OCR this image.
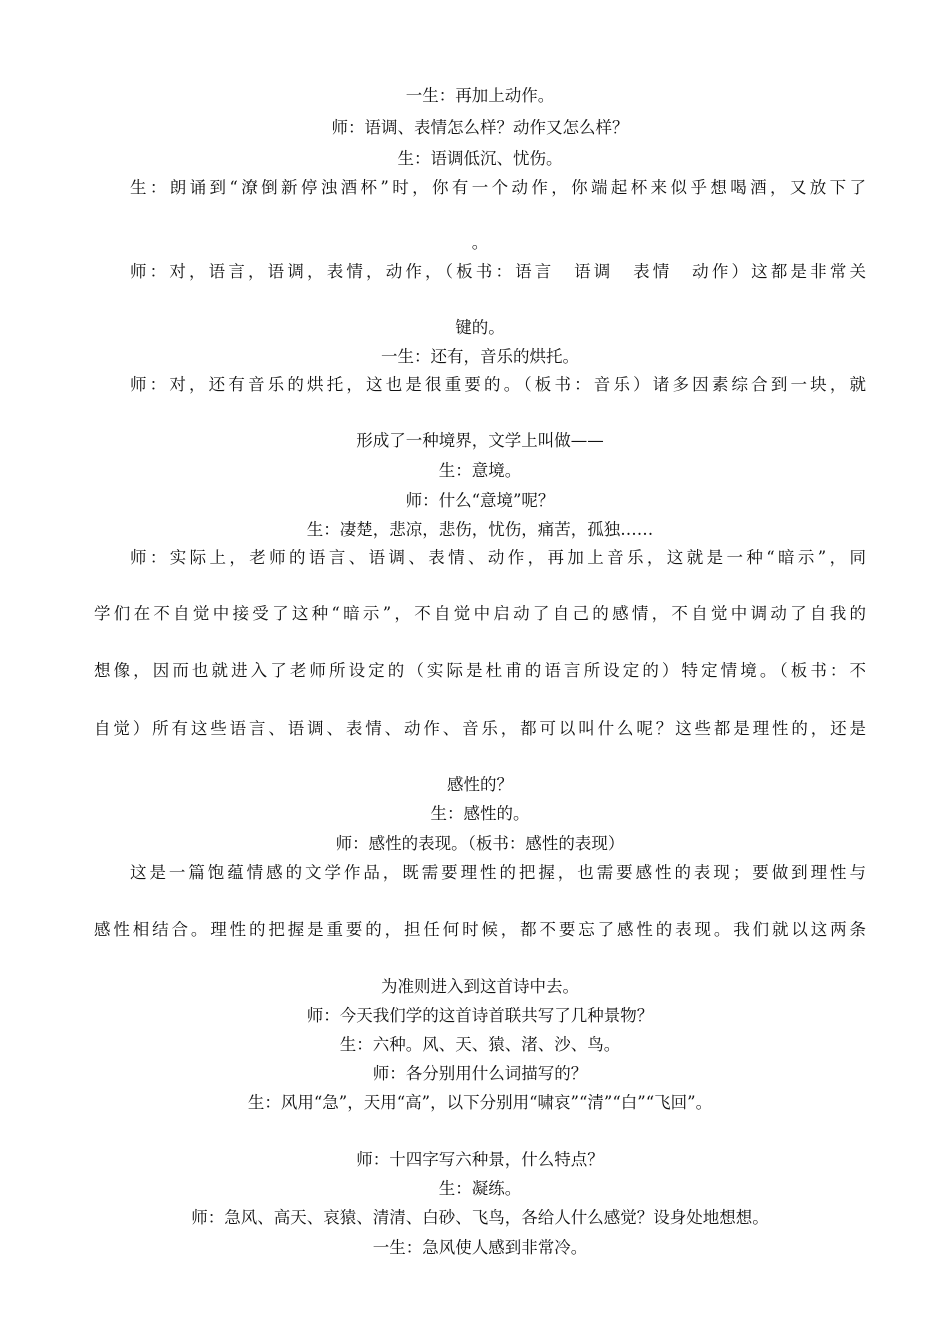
一生：再加上动作。
师：语调、表情怎么样？动作又怎么样？
生：语调低沉、忧伤。
生：朗诵到“潦倒新停浊酒杯”时，你有一个动作，你端起杯来似乎想喝酒，又放下了
。
师：对，语言，语调，表情，动作，（板书：语言　语调　表情　动作）这都是非常关
键的。
一生：还有，音乐的烘托。
师：对，还有音乐的烘托，这也是很重要的。（板书：音乐）诸多因素综合到一块，就
形成了一种境界，文学上叫做——
生：意境。
师：什么“意境”呢？
生：凄楚，悲凉，悲伤，忧伤，痛苦，孤独……
师：实际上，老师的语言、语调、表情、动作，再加上音乐，这就是一种“暗示”，同
学们在不自觉中接受了这种“暗示”，不自觉中启动了自己的感情，不自觉中调动了自我的
想像，因而也就进入了老师所设定的（实际是杜甫的语言所设定的）特定情境。（板书：不
自觉）所有这些语言、语调、表情、动作、音乐，都可以叫什么呢？这些都是理性的，还是
感性的？
生：感性的。
师：感性的表现。（板书：感性的表现）
这是一篇饱蕴情感的文学作品，既需要理性的把握，也需要感性的表现；要做到理性与
感性相结合。理性的把握是重要的，担任何时候，都不要忘了感性的表现。我们就以这两条
为准则进入到这首诗中去。
师：今天我们学的这首诗首联共写了几种景物？
生：六种。风、天、猿、渚、沙、鸟。
师：各分别用什么词描写的？
生：风用“急”，天用“高”，以下分别用“啸哀”“清”“白”“飞回”。
师：十四字写六种景，什么特点？
生：凝练。
师：急风、高天、哀猿、清清、白砂、飞鸟，各给人什么感觉？设身处地想想。
一生：急风使人感到非常冷。
